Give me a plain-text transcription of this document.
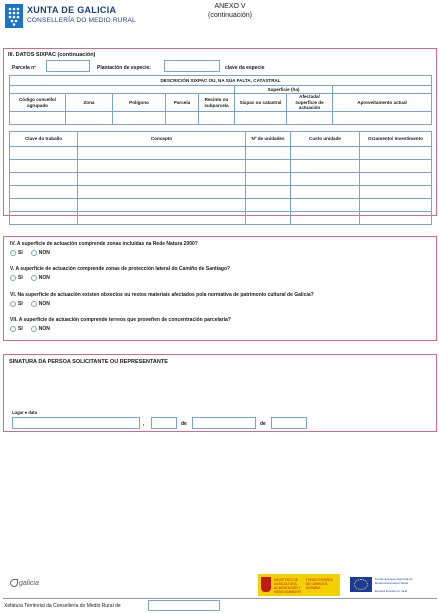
XUNTA DE GALICIA
CONSELLERÍA DO MEDIO RURAL
ANEXO V
(continuación)
III. DATOS SIXPAC (continuación)
Parcela nº	Plantación de especie:	clave da especie
DESCRICIÓN SIXPAC OU, NA SÚA FALTA, CATASTRAL							
					Superficie (ha)		
Código concello/ agrupado	Zona	Polígono	Parcela	Recinto ou subparcela	Sixpac ou catastral	Afectada/ superficie de actuación	Aproveitamento actual

Clave do traballo	Concepto	Nº de unidades	Custo unidade	Orzamento/ Investimento

IV. A superficie de actuación comprende zonas incluídas na Rede Natura 2000?
SI	NON
V. A superficie de actuación comprende zonas de protección lateral do Camiño de Santiago?
SI	NON
VI. Na superficie de actuación existen obxectos ou restos materiais afectados pola normativa de patrimonio cultural de Galicia?
SI	NON
VII. A superficie de actuación comprende terreos que proveñen de concentración parcelaria?
SI	NON
SINATURA DA PERSOA SOLICITANTE OU REPRESENTANTE
Lugar e data
,	de	de
galicia	MINISTERIO DE AGRICULTURA, ALIMENTACIÓN Y MEDIO AMBIENTE
FONDO ESPAÑOL DE GARANTÍA AGRARIA
Fondo Europeo Agrícola de Desenvolvemento Rural
Europa investe no rural
Xefatura Territorial da Consellería do Medio Rural de
